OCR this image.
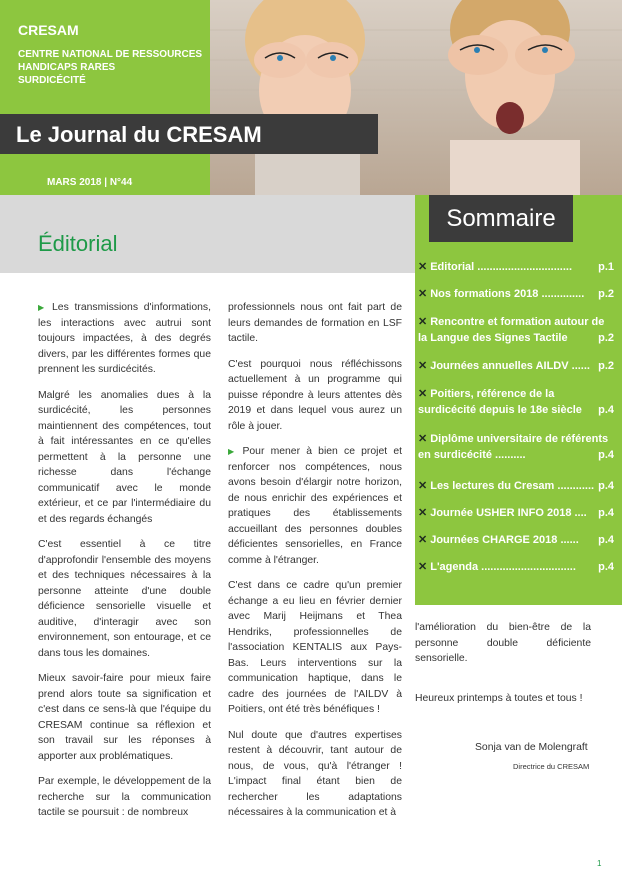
CRESAM
CENTRE NATIONAL DE RESSOURCES
HANDICAPS RARES
SURDICÉCITÉ
MARS 2018 | N°44
Le Journal du CRESAM
Éditorial
Sommaire
✕ Editorial ............................... p.1
✕ Nos formations 2018 .............. p.2
✕ Rencontre et formation autour de la Langue des Signes Tactile	p.2
✕ Journées annuelles AILDV ...... p.2
✕ Poitiers, référence de la surdicécité depuis le 18e siècle p.4
✕ Diplôme universitaire de référents en surdicécité ..........	p.4
✕ Les lectures du Cresam ............ p.4
✕ Journée USHER INFO 2018 .... p.4
✕ Journées CHARGE 2018 ...... p.4
✕ L'agenda ............................... p.4

▶ Les transmissions d'informations, les interactions avec autrui sont toujours impactées, à des degrés divers, par les différentes formes que prennent les surdicécités.

Malgré les anomalies dues à la surdicécité, les personnes maintiennent des compétences, tout à fait intéressantes en ce qu'elles permettent à la personne une richesse dans l'échange communicatif avec le monde extérieur, et ce par l'intermédiaire du et des regards échangés

C'est essentiel à ce titre d'approfondir l'ensemble des moyens et des techniques nécessaires à la personne atteinte d'une double déficience sensorielle visuelle et auditive, d'interagir avec son environnement, son entourage, et ce dans tous les domaines.

Mieux savoir-faire pour mieux faire prend alors toute sa signification et c'est dans ce sens-là que l'équipe du CRESAM continue sa réflexion et son travail sur les réponses à apporter aux problématiques.

Par exemple, le développement de la recherche sur la communication tactile se poursuit : de nombreux

professionnels nous ont fait part de leurs demandes de formation en LSF tactile.

C'est pourquoi nous réfléchissons actuellement à un programme qui puisse répondre à leurs attentes dès 2019 et dans lequel vous aurez un rôle à jouer.

▶ Pour mener à bien ce projet et renforcer nos compétences, nous avons besoin d'élargir notre horizon, de nous enrichir des expériences et pratiques des établissements accueillant des personnes doubles déficientes sensorielles, en France comme à l'étranger.

C'est dans ce cadre qu'un premier échange a eu lieu en février dernier avec Marij Heijmans et Thea Hendriks, professionnelles de l'association KENTALIS aux Pays-Bas. Leurs interventions sur la communication haptique, dans le cadre des journées de l'AILDV à Poitiers, ont été très bénéfiques !

Nul doute que d'autres expertises restent à découvrir, tant autour de nous, de vous, qu'à l'étranger ! L'impact final étant bien de rechercher les adaptations nécessaires à la communication et à

l'amélioration du bien-être de la personne double déficiente sensorielle.

Heureux printemps à toutes et tous !

Sonja van de Molengraft
Directrice du CRESAM
1
